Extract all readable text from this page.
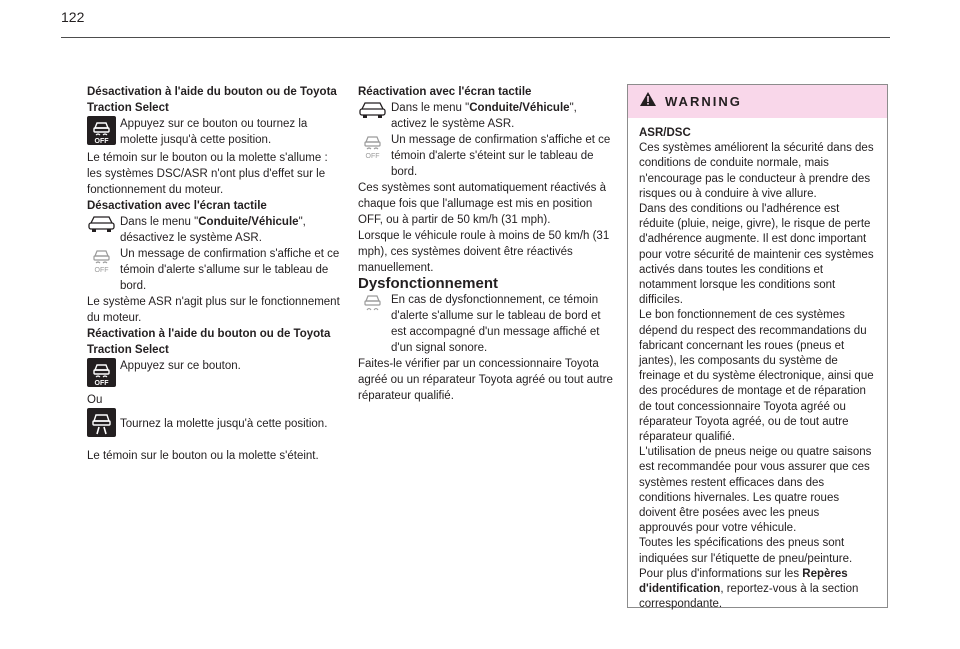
122

Désactivation à l'aide du bouton ou de Toyota Traction Select

OFF
Appuyez sur ce bouton ou tournez la molette jusqu'à cette position.

Le témoin sur le bouton ou la molette s'allume : les systèmes DSC/ASR n'ont plus d'effet sur le fonctionnement du moteur.

Désactivation avec l'écran tactile

Dans le menu "Conduite/Véhicule", désactivez le système ASR.
OFF
Un message de confirmation s'affiche et ce témoin d'alerte s'allume sur le tableau de bord.

Le système ASR n'agit plus sur le fonctionnement du moteur.

Réactivation à l'aide du bouton ou de Toyota Traction Select

OFF
Appuyez sur ce bouton.

Ou

Tournez la molette jusqu'à cette position.

Le témoin sur le bouton ou la molette s'éteint.

Réactivation avec l'écran tactile

Dans le menu "Conduite/Véhicule", activez le système ASR.
OFF
Un message de confirmation s'affiche et ce témoin d'alerte s'éteint sur le tableau de bord.

Ces systèmes sont automatiquement réactivés à chaque fois que l'allumage est mis en position OFF, ou à partir de 50 km/h (31 mph).

Lorsque le véhicule roule à moins de 50 km/h (31 mph), ces systèmes doivent être réactivés manuellement.

Dysfonctionnement

En cas de dysfonctionnement, ce témoin d'alerte s'allume sur le tableau de bord et est accompagné d'un message affiché et d'un signal sonore.

Faites-le vérifier par un concessionnaire Toyota agréé ou un réparateur Toyota agréé ou tout autre réparateur qualifié.

WARNING

ASR/DSC

Ces systèmes améliorent la sécurité dans des conditions de conduite normale, mais n'encourage pas le conducteur à prendre des risques ou à conduire à vive allure.

Dans des conditions ou l'adhérence est réduite (pluie, neige, givre), le risque de perte d'adhérence augmente. Il est donc important pour votre sécurité de maintenir ces systèmes activés dans toutes les conditions et notamment lorsque les conditions sont difficiles.

Le bon fonctionnement de ces systèmes dépend du respect des recommandations du fabricant concernant les roues (pneus et jantes), les composants du système de freinage et du système électronique, ainsi que des procédures de montage et de réparation de tout concessionnaire Toyota agréé ou réparateur Toyota agréé, ou de tout autre réparateur qualifié.

L'utilisation de pneus neige ou quatre saisons est recommandée pour vous assurer que ces systèmes restent efficaces dans des conditions hivernales. Les quatre roues doivent être posées avec les pneus approuvés pour votre véhicule.

Toutes les spécifications des pneus sont indiquées sur l'étiquette de pneu/peinture.

Pour plus d'informations sur les Repères d'identification, reportez-vous à la section correspondante.
